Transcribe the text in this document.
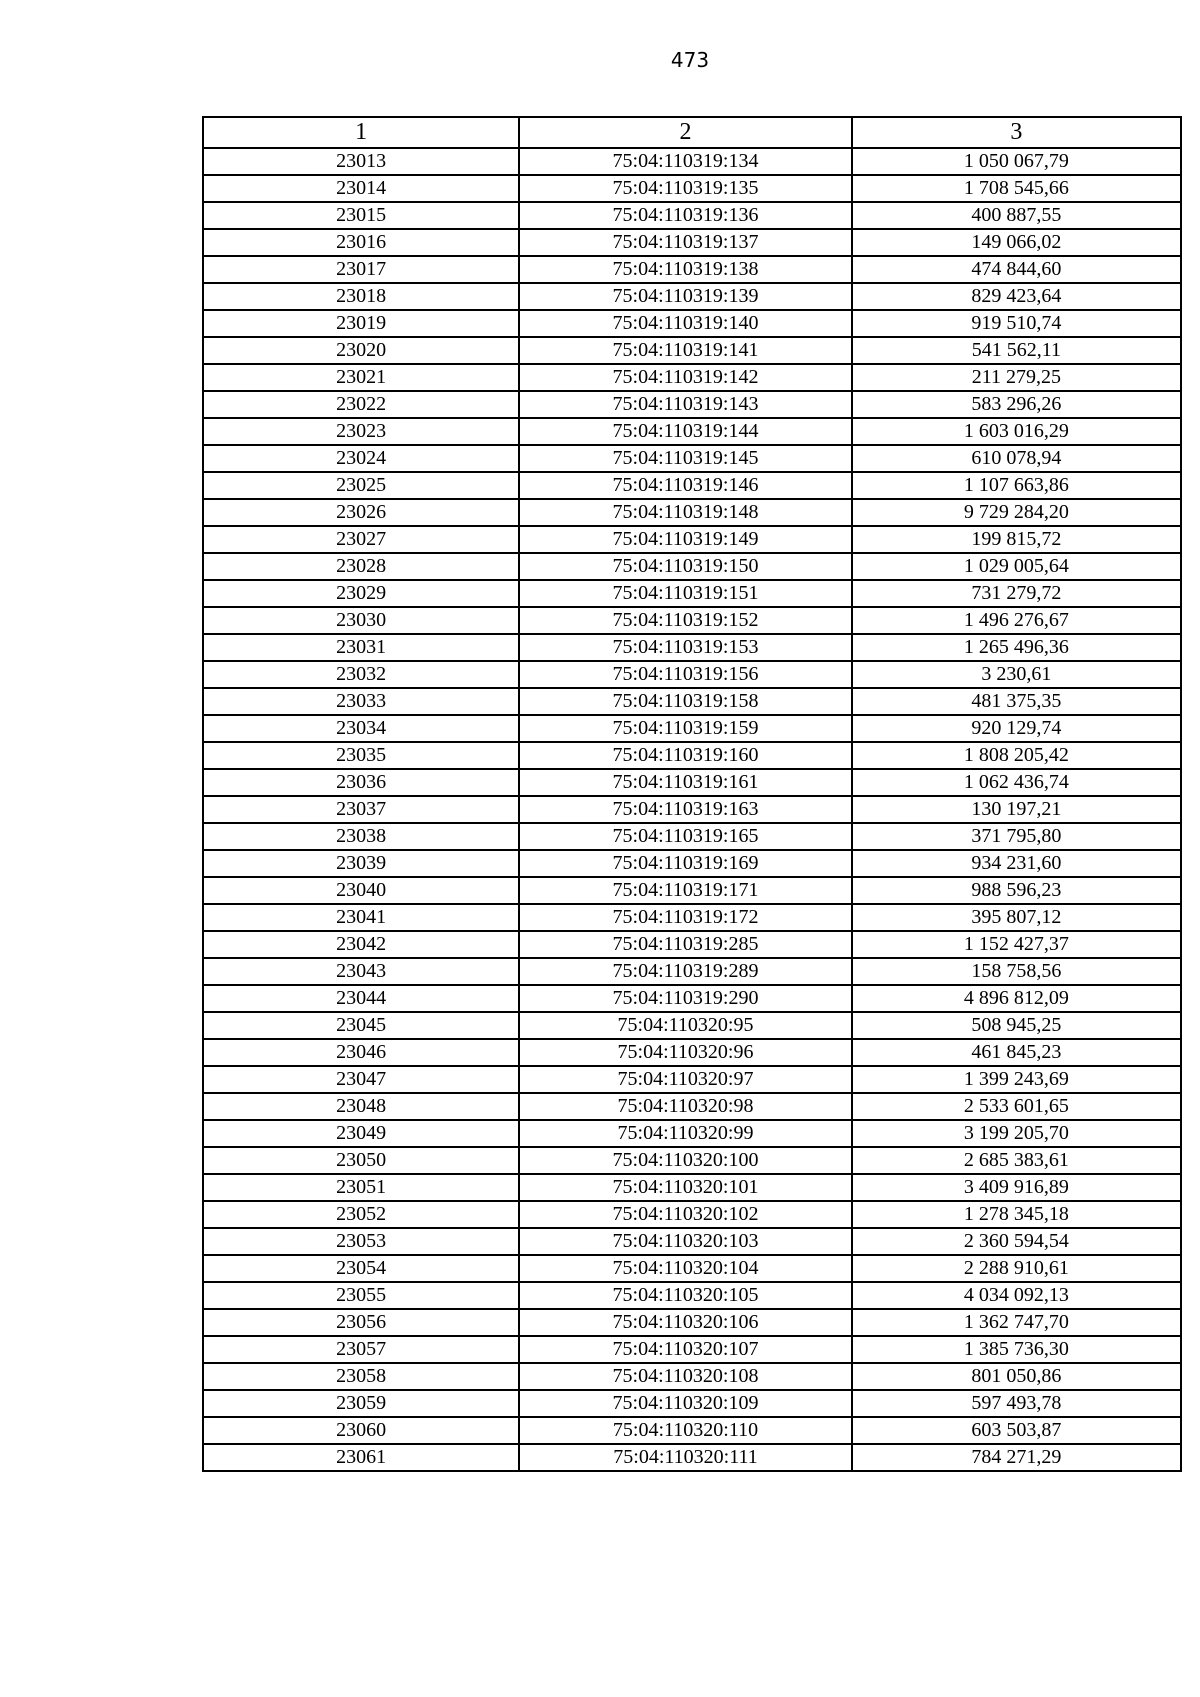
473
1	2	3
23013	75:04:110319:134	1 050 067,79
23014	75:04:110319:135	1 708 545,66
23015	75:04:110319:136	400 887,55
23016	75:04:110319:137	149 066,02
23017	75:04:110319:138	474 844,60
23018	75:04:110319:139	829 423,64
23019	75:04:110319:140	919 510,74
23020	75:04:110319:141	541 562,11
23021	75:04:110319:142	211 279,25
23022	75:04:110319:143	583 296,26
23023	75:04:110319:144	1 603 016,29
23024	75:04:110319:145	610 078,94
23025	75:04:110319:146	1 107 663,86
23026	75:04:110319:148	9 729 284,20
23027	75:04:110319:149	199 815,72
23028	75:04:110319:150	1 029 005,64
23029	75:04:110319:151	731 279,72
23030	75:04:110319:152	1 496 276,67
23031	75:04:110319:153	1 265 496,36
23032	75:04:110319:156	3 230,61
23033	75:04:110319:158	481 375,35
23034	75:04:110319:159	920 129,74
23035	75:04:110319:160	1 808 205,42
23036	75:04:110319:161	1 062 436,74
23037	75:04:110319:163	130 197,21
23038	75:04:110319:165	371 795,80
23039	75:04:110319:169	934 231,60
23040	75:04:110319:171	988 596,23
23041	75:04:110319:172	395 807,12
23042	75:04:110319:285	1 152 427,37
23043	75:04:110319:289	158 758,56
23044	75:04:110319:290	4 896 812,09
23045	75:04:110320:95	508 945,25
23046	75:04:110320:96	461 845,23
23047	75:04:110320:97	1 399 243,69
23048	75:04:110320:98	2 533 601,65
23049	75:04:110320:99	3 199 205,70
23050	75:04:110320:100	2 685 383,61
23051	75:04:110320:101	3 409 916,89
23052	75:04:110320:102	1 278 345,18
23053	75:04:110320:103	2 360 594,54
23054	75:04:110320:104	2 288 910,61
23055	75:04:110320:105	4 034 092,13
23056	75:04:110320:106	1 362 747,70
23057	75:04:110320:107	1 385 736,30
23058	75:04:110320:108	801 050,86
23059	75:04:110320:109	597 493,78
23060	75:04:110320:110	603 503,87
23061	75:04:110320:111	784 271,29
